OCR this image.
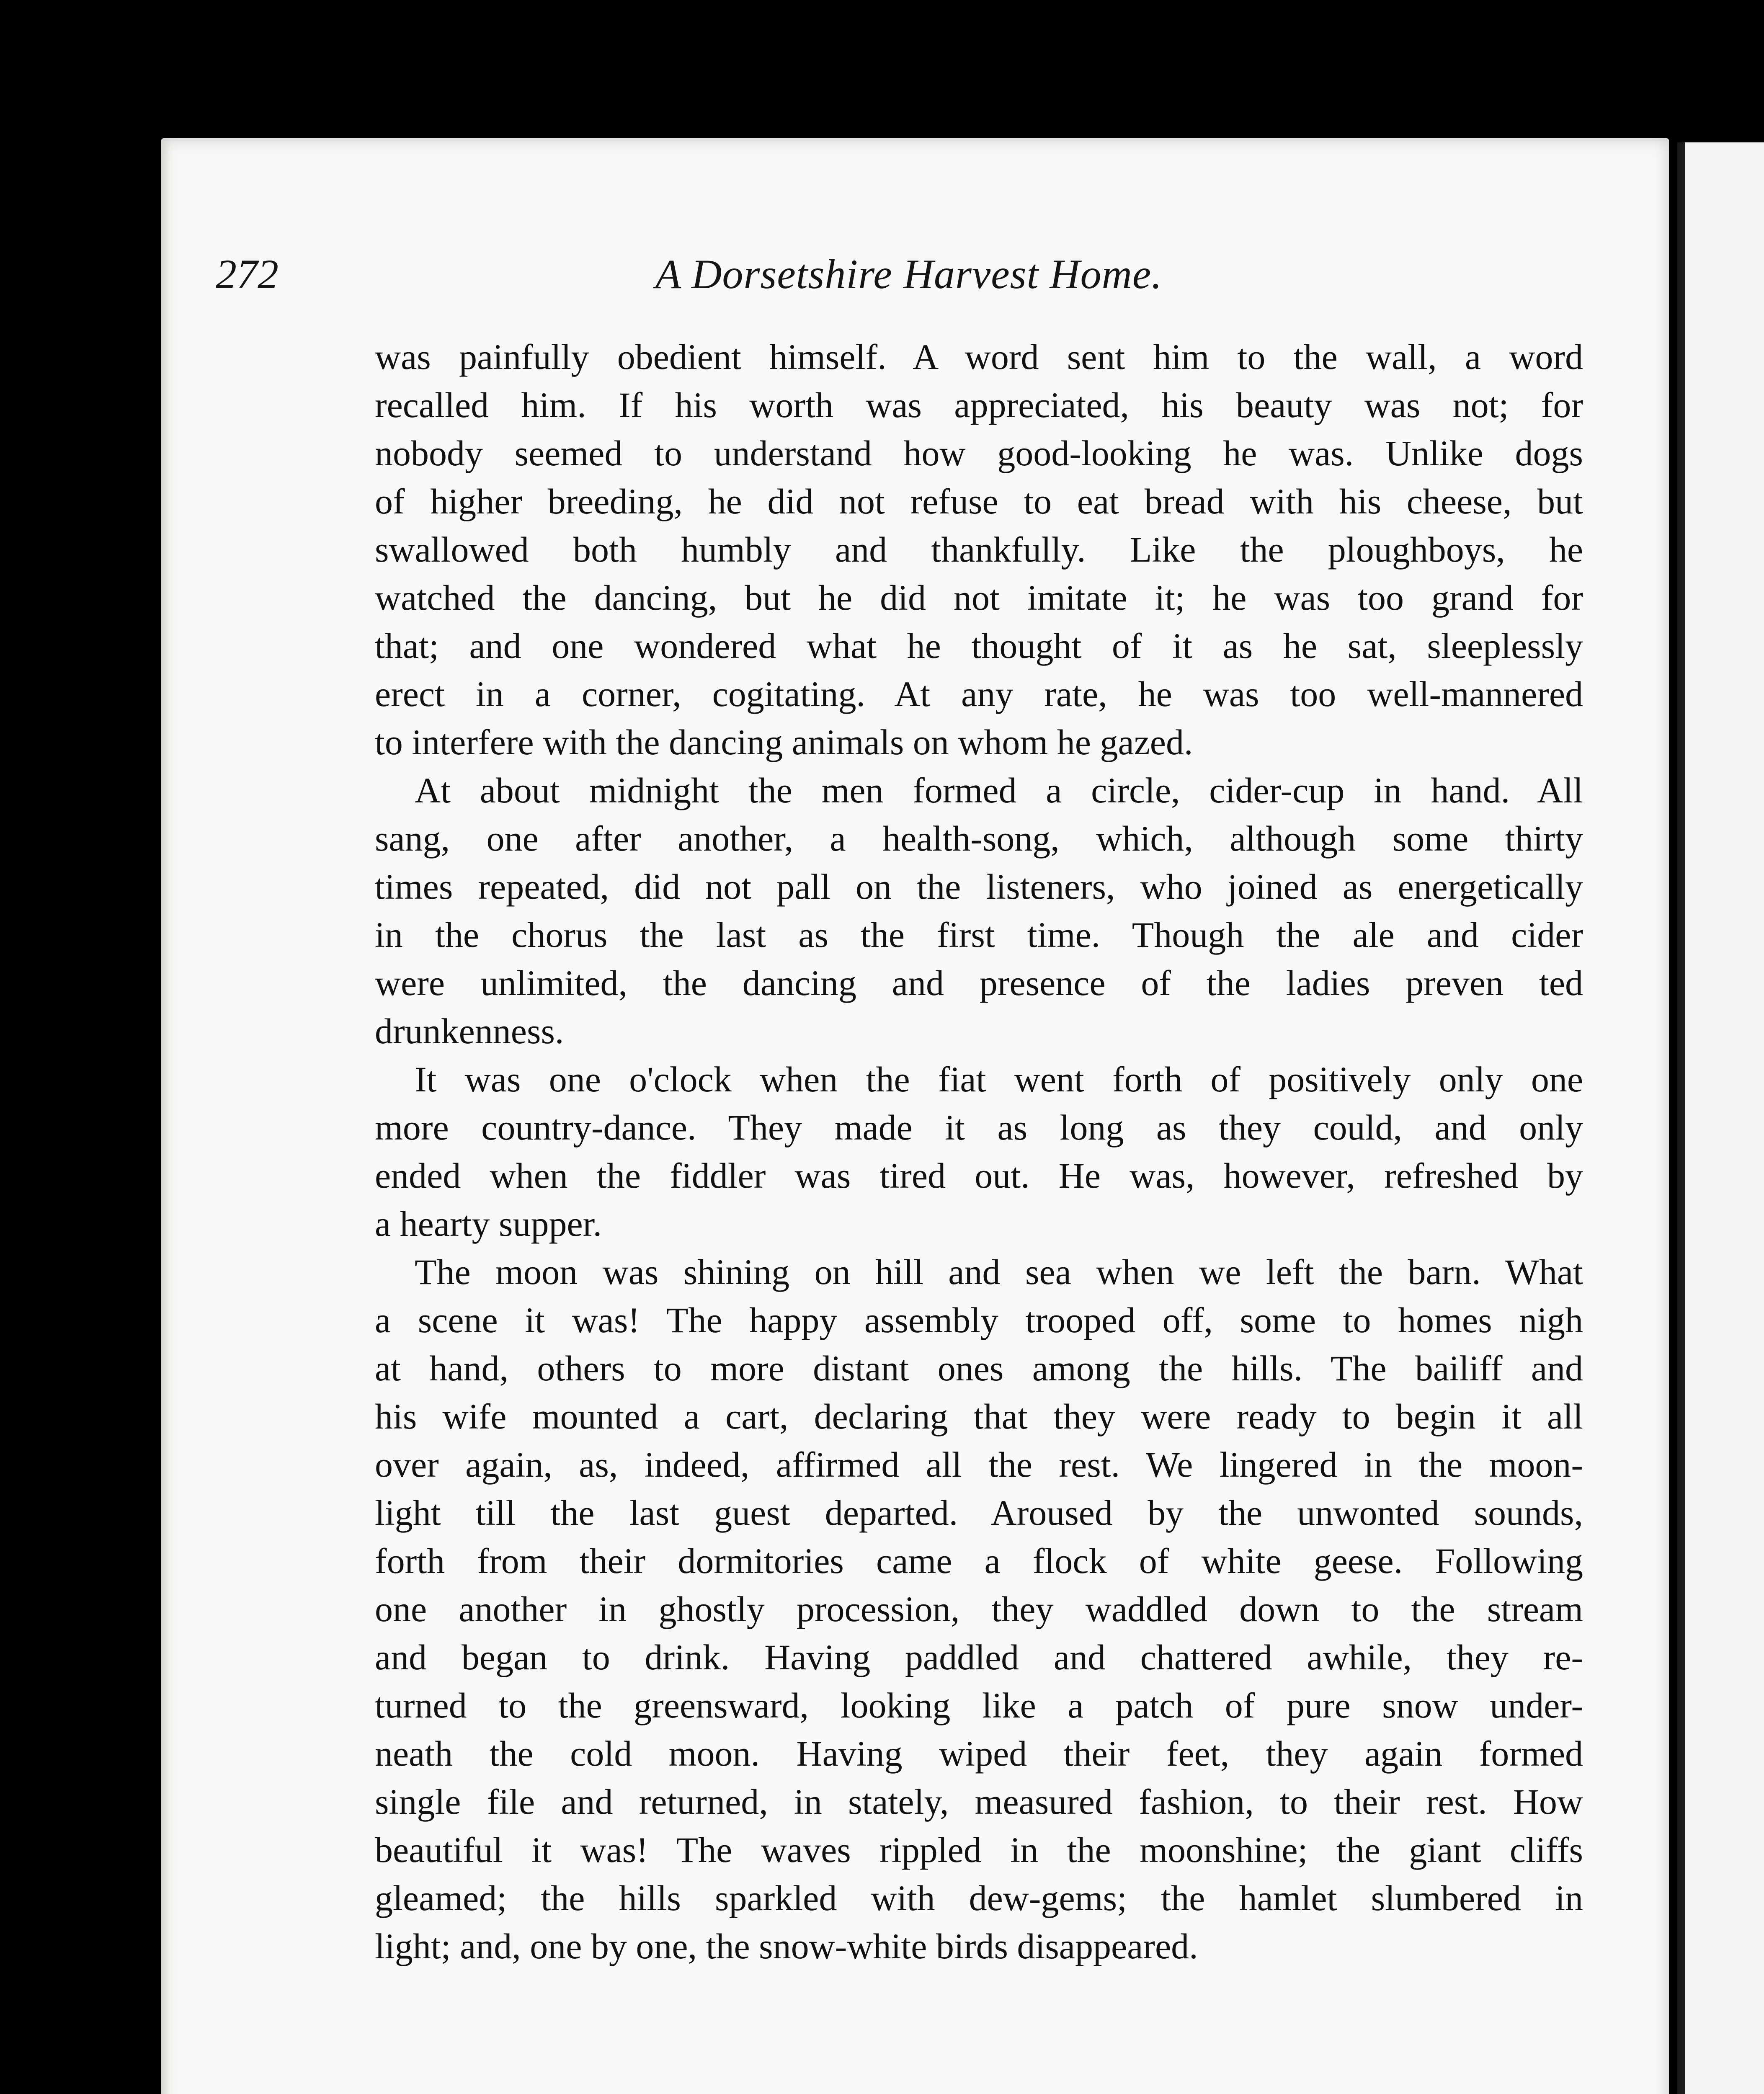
272	A Dorsetshire Harvest Home.
was painfully obedient himself. A word sent him to the wall, a word
recalled him. If his worth was appreciated, his beauty was not; for
nobody seemed to understand how good-looking he was. Unlike dogs
of higher breeding, he did not refuse to eat bread with his cheese, but
swallowed both humbly and thankfully. Like the ploughboys, he
watched the dancing, but he did not imitate it; he was too grand for
that; and one wondered what he thought of it as he sat, sleeplessly
erect in a corner, cogitating. At any rate, he was too well-mannered
to interfere with the dancing animals on whom he gazed.
At about midnight the men formed a circle, cider-cup in hand. All
sang, one after another, a health-song, which, although some thirty
times repeated, did not pall on the listeners, who joined as energetically
in the chorus the last as the first time. Though the ale and cider
were unlimited, the dancing and presence of the ladies preven ted
drunkenness.
It was one o'clock when the fiat went forth of positively only one
more country-dance. They made it as long as they could, and only
ended when the fiddler was tired out. He was, however, refreshed by
a hearty supper.
The moon was shining on hill and sea when we left the barn. What
a scene it was! The happy assembly trooped off, some to homes nigh
at hand, others to more distant ones among the hills. The bailiff and
his wife mounted a cart, declaring that they were ready to begin it all
over again, as, indeed, affirmed all the rest. We lingered in the moon-
light till the last guest departed. Aroused by the unwonted sounds,
forth from their dormitories came a flock of white geese. Following
one another in ghostly procession, they waddled down to the stream
and began to drink. Having paddled and chattered awhile, they re-
turned to the greensward, looking like a patch of pure snow under-
neath the cold moon. Having wiped their feet, they again formed
single file and returned, in stately, measured fashion, to their rest. How
beautiful it was! The waves rippled in the moonshine; the giant cliffs
gleamed; the hills sparkled with dew-gems; the hamlet slumbered in
light; and, one by one, the snow-white birds disappeared.
